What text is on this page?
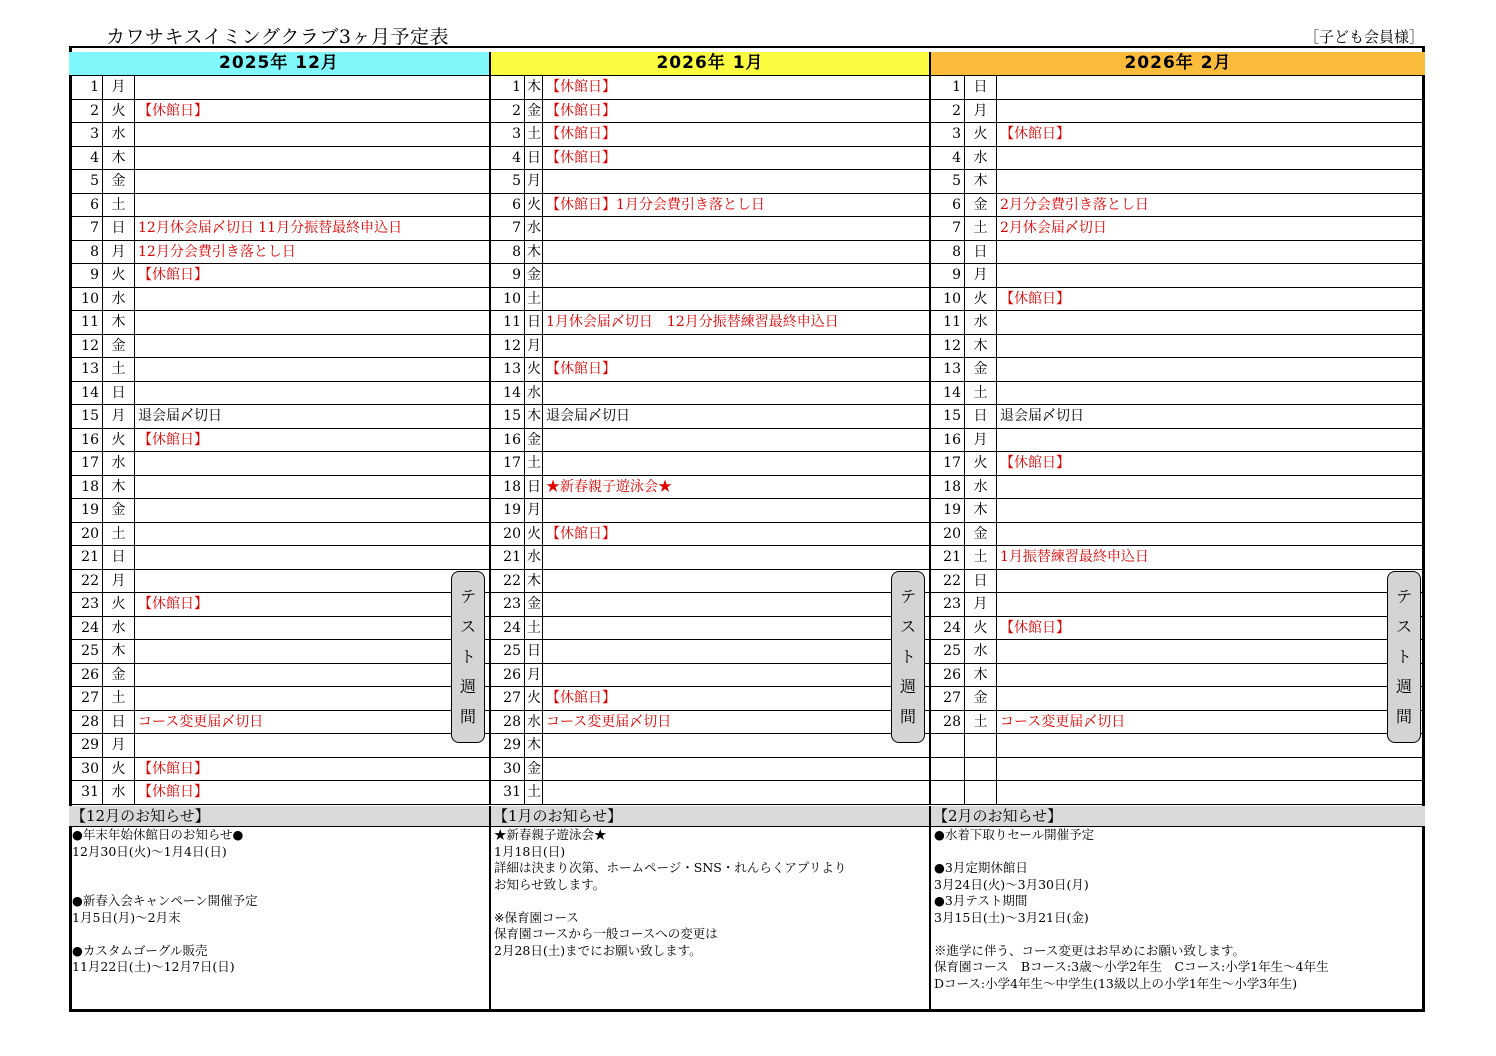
カワサキスイミングクラブ3ヶ月予定表	［子ども会員様］
2025年 12月
1 月
2 火 【休館日】
3 水
4 木
5 金
6 土
7 日 12月休会届〆切日 11月分振替最終申込日
8 月 12月分会費引き落とし日
9 火 【休館日】
10 水
11 木
12 金
13 土
14 日
15 月 退会届〆切日
16 火 【休館日】
17 水
18 木
19 金
20 土
21 日
22 月
23 火 【休館日】
24 水
25 木
26 金
27 土
28 日 コース変更届〆切日
29 月
30 火 【休館日】
31 水 【休館日】
テ
ス
ト
週
間
【12月のお知らせ】
●年末年始休館日のお知らせ●
12月30日(火)～1月4日(日)

●新春入会キャンペーン開催予定
1月5日(月)～2月末

●カスタムゴーグル販売
11月22日(土)～12月7日(日)
2026年 1月
1 木 【休館日】
2 金 【休館日】
3 土 【休館日】
4 日 【休館日】
5 月
6 火 【休館日】1月分会費引き落とし日
7 水
8 木
9 金
10 土
11 日 1月休会届〆切日　12月分振替練習最終申込日
12 月
13 火 【休館日】
14 水
15 木 退会届〆切日
16 金
17 土
18 日 ★新春親子遊泳会★
19 月
20 火 【休館日】
21 水
22 木
23 金
24 土
25 日
26 月
27 火 【休館日】
28 水 コース変更届〆切日
29 木
30 金
31 土
テ
ス
ト
週
間
【1月のお知らせ】
★新春親子遊泳会★
1月18日(日)
詳細は決まり次第、ホームページ・SNS・れんらくアプリより
お知らせ致します。

※保育園コース
保育園コースから一般コースへの変更は
2月28日(土)までにお願い致します。
2026年 2月
1 日
2 月
3 火 【休館日】
4 水
5 木
6 金 2月分会費引き落とし日
7 土 2月休会届〆切日
8 日
9 月
10 火 【休館日】
11 水
12 木
13 金
14 土
15 日 退会届〆切日
16 月
17 火 【休館日】
18 水
19 木
20 金
21 土 1月振替練習最終申込日
22 日
23 月
24 火 【休館日】
25 水
26 木
27 金
28 土 コース変更届〆切日
テ
ス
ト
週
間
【2月のお知らせ】
●水着下取りセール開催予定

●3月定期休館日
3月24日(火)～3月30日(月)
●3月テスト期間
3月15日(土)～3月21日(金)

※進学に伴う、コース変更はお早めにお願い致します。
保育園コース　Bコース:3歳～小学2年生　Cコース:小学1年生～4年生
Dコース:小学4年生～中学生(13級以上の小学1年生～小学3年生)
